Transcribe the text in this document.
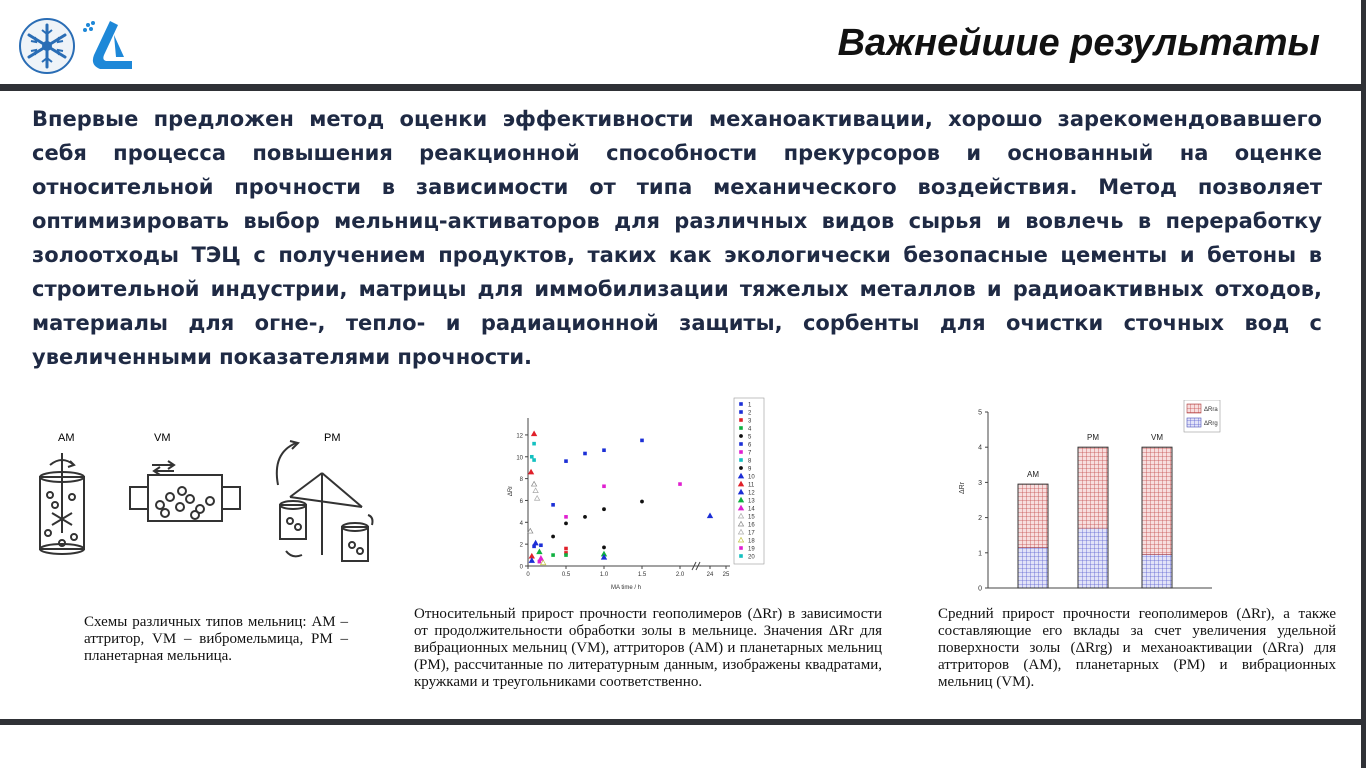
Важнейшие результаты
Впервые предложен метод оценки эффективности механоактивации, хорошо зарекомендовавшего себя процесса повышения реакционной способности прекурсоров и основанный на оценке относительной прочности в зависимости от типа механического воздействия. Метод позволяет оптимизировать выбор мельниц-активаторов для различных видов сырья и вовлечь в переработку золоотходы ТЭЦ с получением продуктов, таких как экологически безопасные цементы и бетоны в строительной индустрии, матрицы для иммобилизации тяжелых металлов и радиоактивных отходов, материалы для огне-, тепло- и радиационной защиты, сорбенты для очистки сточных вод с увеличенными показателями прочности.
AM	VM	PM
Схемы различных типов мельниц: AM – аттритор, VM – вибромельмица, PM – планетарная мельница.
0
2
4
6
8
10
12
0	0.5	1.0	1.5	2.0	24 25
MA time / h
ΔRr
1
2
3
4
5
6
7
8
9
10
11
12
13
14
15
16
17
18
19
20
Относительный прирост прочности геополимеров (ΔRr) в зависимости от продолжительности обработки золы в мельнице. Значения ΔRr для вибрационных мельниц (VM), аттриторов (AM) и планетарных мельниц (PM), рассчитанные по литературным данным, изображены квадратами, кружками и треугольниками соответственно.
0
1
2
3
4
5
ΔRr
AM
PM	VM
ΔRra
ΔRrg
Средний прирост прочности геополимеров (ΔRr), а также составляющие его вклады за счет увеличения удельной поверхности золы (ΔRrg) и механоактивации (ΔRra) для аттриторов (AM), планетарных (PM) и вибрационных мельниц (VM).
